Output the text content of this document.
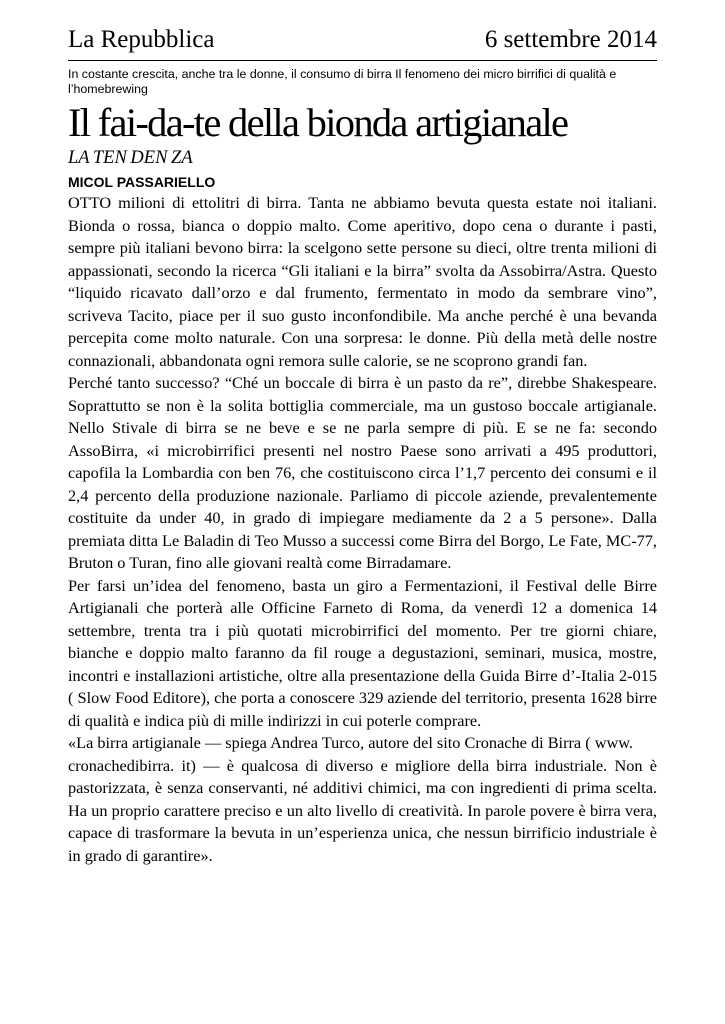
La Repubblica	6 settembre 2014
In costante crescita, anche tra le donne, il consumo di birra Il fenomeno dei micro birrifici di qualità e l’homebrewing
Il fai-da-te della bionda artigianale
LA TEN DEN ZA
MICOL PASSARIELLO

OTTO milioni di ettolitri di birra. Tanta ne abbiamo bevuta questa estate noi italiani. Bionda o rossa, bianca o doppio malto. Come aperitivo, dopo cena o durante i pasti, sempre più italiani bevono birra: la scelgono sette persone su dieci, oltre trenta milioni di appassionati, secondo la ricerca “Gli italiani e la birra” svolta da Assobirra/Astra. Questo “liquido ricavato dall’orzo e dal frumento, fermentato in modo da sembrare vino”, scriveva Tacito, piace per il suo gusto inconfondibile. Ma anche perché è una bevanda percepita come molto naturale. Con una sorpresa: le donne. Più della metà delle nostre connazionali, abbandonata ogni remora sulle calorie, se ne scoprono grandi fan.

Perché tanto successo? “Ché un boccale di birra è un pasto da re”, direbbe Shakespeare. Soprattutto se non è la solita bottiglia commerciale, ma un gustoso boccale artigianale. Nello Stivale di birra se ne beve e se ne parla sempre di più. E se ne fa: secondo AssoBirra, «i microbirrifici presenti nel nostro Paese sono arrivati a 495 produttori, capofila la Lombardia con ben 76, che costituiscono circa l’1,7 percento dei consumi e il 2,4 percento della produzione nazionale. Parliamo di piccole aziende, prevalentemente costituite da under 40, in grado di impiegare mediamente da 2 a 5 persone». Dalla premiata ditta Le Baladin di Teo Musso a successi come Birra del Borgo, Le Fate, MC-77, Bruton o Turan, fino alle giovani realtà come Birradamare.

Per farsi un’idea del fenomeno, basta un giro a Fermentazioni, il Festival delle Birre Artigianali che porterà alle Officine Farneto di Roma, da venerdì 12 a domenica 14 settembre, trenta tra i più quotati microbirrifici del momento. Per tre giorni chiare, bianche e doppio malto faranno da fil rouge a degustazioni, seminari, musica, mostre, incontri e installazioni artistiche, oltre alla presentazione della Guida Birre d’-Italia 2-015 ( Slow Food Editore), che porta a conoscere 329 aziende del territorio, presenta 1628 birre di qualità e indica più di mille indirizzi in cui poterle comprare.

«La birra artigianale — spiega Andrea Turco, autore del sito Cronache di Birra ( www.

cronachedibirra. it) — è qualcosa di diverso e migliore della birra industriale. Non è pastorizzata, è senza conservanti, né additivi chimici, ma con ingredienti di prima scelta. Ha un proprio carattere preciso e un alto livello di creatività. In parole povere è birra vera, capace di trasformare la bevuta in un’esperienza unica, che nessun birrificio industriale è in grado di garantire».
